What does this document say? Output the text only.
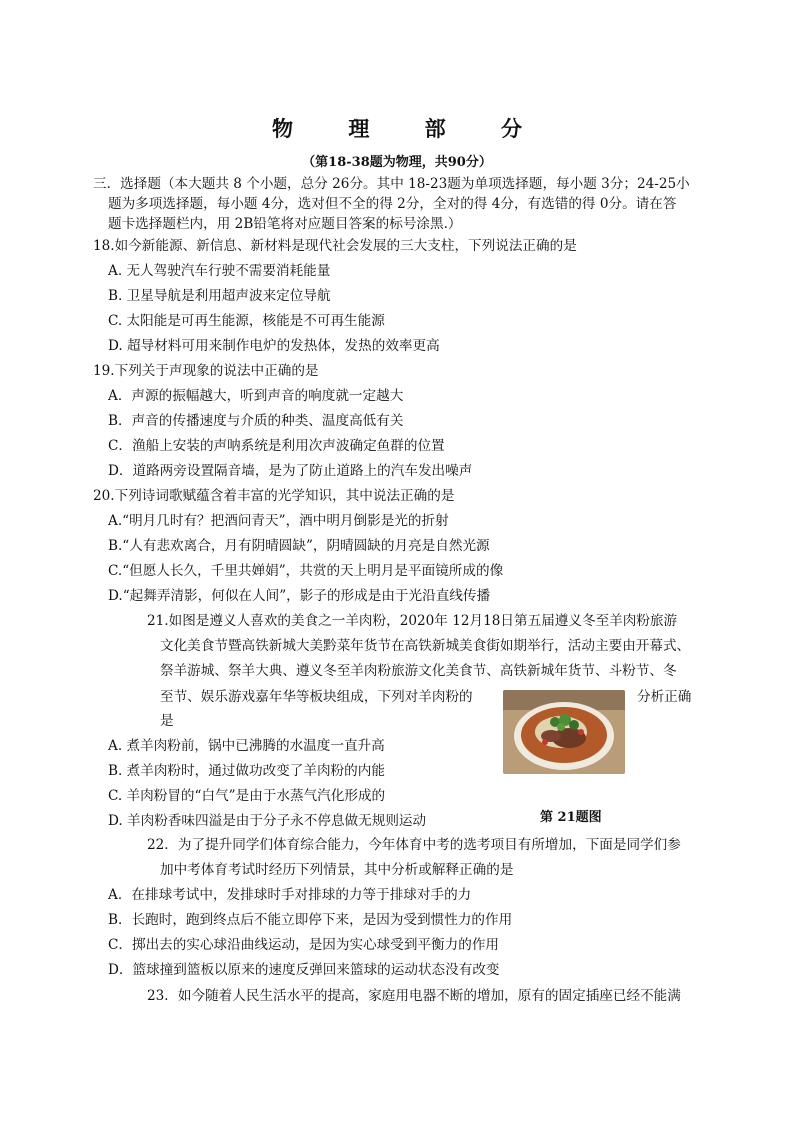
物 理 部 分
（第18-38题为物理，共90分）
三．选择题（本大题共 8 个小题，总分 26分。其中 18-23题为单项选择题，每小题 3分；24-25小
题为多项选择题，每小题 4分，选对但不全的得 2分，全对的得 4分，有选错的得 0分。请在答
题卡选择题栏内，用 2B铅笔将对应题目答案的标号涂黑.）
18.如今新能源、新信息、新材料是现代社会发展的三大支柱，下列说法正确的是
A. 无人驾驶汽车行驶不需要消耗能量
B. 卫星导航是利用超声波来定位导航
C. 太阳能是可再生能源，核能是不可再生能源
D. 超导材料可用来制作电炉的发热体，发热的效率更高
19.下列关于声现象的说法中正确的是
A．声源的振幅越大，听到声音的响度就一定越大
B．声音的传播速度与介质的种类、温度高低有关
C．渔船上安装的声呐系统是利用次声波确定鱼群的位置
D．道路两旁设置隔音墙，是为了防止道路上的汽车发出噪声
20.下列诗词歌赋蕴含着丰富的光学知识，其中说法正确的是
A.“明月几时有？把酒问青天”，酒中明月倒影是光的折射
B.“人有悲欢离合，月有阴晴圆缺”，阴晴圆缺的月亮是自然光源
C.“但愿人长久，千里共婵娟”，共赏的天上明月是平面镜所成的像
D.“起舞弄清影，何似在人间”，影子的形成是由于光沿直线传播
21.如图是遵义人喜欢的美食之一羊肉粉，2020年 12月18日第五届遵义冬至羊肉粉旅游
文化美食节暨高铁新城大美黔菜年货节在高铁新城美食街如期举行，活动主要由开幕式、
祭羊游城、祭羊大典、遵义冬至羊肉粉旅游文化美食节、高铁新城年货节、斗粉节、冬
至节、娱乐游戏嘉年华等板块组成，下列对羊肉粉的	分析正确
是
A. 煮羊肉粉前，锅中已沸腾的水温度一直升高
B. 煮羊肉粉时，通过做功改变了羊肉粉的内能
C. 羊肉粉冒的“白气”是由于水蒸气汽化形成的
第 21题图
D. 羊肉粉香味四溢是由于分子永不停息做无规则运动
22．为了提升同学们体育综合能力，今年体育中考的选考项目有所增加，下面是同学们参
加中考体育考试时经历下列情景，其中分析或解释正确的是
A．在排球考试中，发排球时手对排球的力等于排球对手的力
B．长跑时，跑到终点后不能立即停下来，是因为受到惯性力的作用
C．掷出去的实心球沿曲线运动，是因为实心球受到平衡力的作用
D．篮球撞到篮板以原来的速度反弹回来篮球的运动状态没有改变
23．如今随着人民生活水平的提高，家庭用电器不断的增加，原有的固定插座已经不能满
